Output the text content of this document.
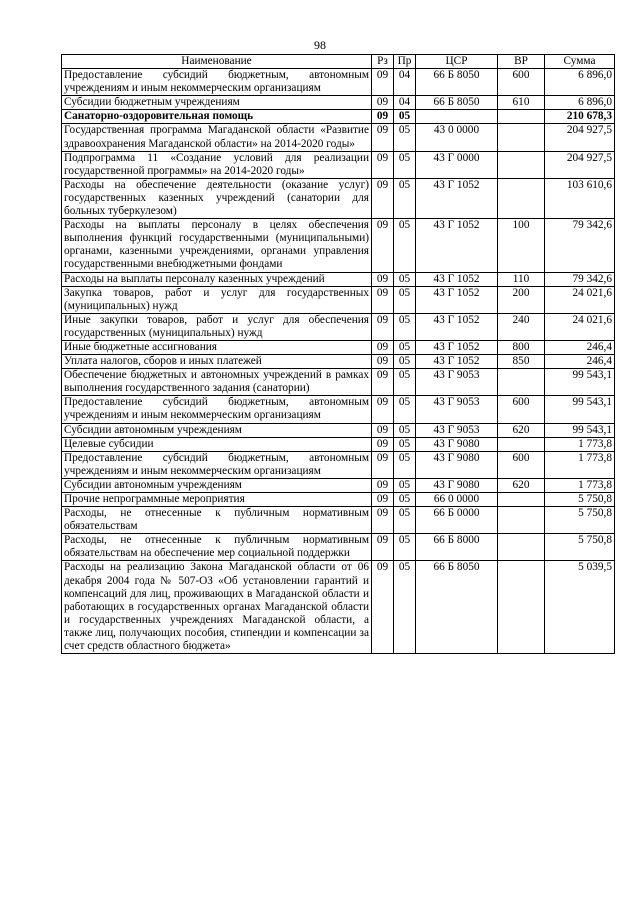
98
Наименование	Рз	Пр	ЦСР	ВР	Сумма
Предоставление субсидий бюджетным, автономным учреждениям и иным некоммерческим организациям	09	04	66 Б 8050	600	6 896,0
Субсидии бюджетным учреждениям	09	04	66 Б 8050	610	6 896,0
Санаторно-оздоровительная помощь	09	05			210 678,3
Государственная программа Магаданской области «Развитие здравоохранения Магаданской области» на 2014-2020 годы»	09	05	43 0 0000		204 927,5
Подпрограмма 11 «Создание условий для реализации государственной программы» на 2014-2020 годы»	09	05	43 Г 0000		204 927,5
Расходы на обеспечение деятельности (оказание услуг) государственных казенных учреждений (санатории для больных туберкулезом)	09	05	43 Г 1052		103 610,6
Расходы на выплаты персоналу в целях обеспечения выполнения функций государственными (муниципальными) органами, казенными учреждениями, органами управления государственными внебюджетными фондами	09	05	43 Г 1052	100	79 342,6
Расходы на выплаты персоналу казенных учреждений	09	05	43 Г 1052	110	79 342,6
Закупка товаров, работ и услуг для государственных (муниципальных) нужд	09	05	43 Г 1052	200	24 021,6
Иные закупки товаров, работ и услуг для обеспечения государственных (муниципальных) нужд	09	05	43 Г 1052	240	24 021,6
Иные бюджетные ассигнования	09	05	43 Г 1052	800	246,4
Уплата налогов, сборов и иных платежей	09	05	43 Г 1052	850	246,4
Обеспечение бюджетных и автономных учреждений в рамках выполнения государственного задания (санатории)	09	05	43 Г 9053		99 543,1
Предоставление субсидий бюджетным, автономным учреждениям и иным некоммерческим организациям	09	05	43 Г 9053	600	99 543,1
Субсидии автономным учреждениям	09	05	43 Г 9053	620	99 543,1
Целевые субсидии	09	05	43 Г 9080		1 773,8
Предоставление субсидий бюджетным, автономным учреждениям и иным некоммерческим организациям	09	05	43 Г 9080	600	1 773,8
Субсидии автономным учреждениям	09	05	43 Г 9080	620	1 773,8
Прочие непрограммные мероприятия	09	05	66 0 0000		5 750,8
Расходы, не отнесенные к публичным нормативным обязательствам	09	05	66 Б 0000		5 750,8
Расходы, не отнесенные к публичным нормативным обязательствам на обеспечение мер социальной поддержки	09	05	66 Б 8000		5 750,8
Расходы на реализацию Закона Магаданской области от 06 декабря 2004 года № 507-ОЗ «Об установлении гарантий и компенсаций для лиц, проживающих в Магаданской области и работающих в государственных органах Магаданской области и государственных учреждениях Магаданской области, а также лиц, получающих пособия, стипендии и компенсации за счет средств областного бюджета»	09	05	66 Б 8050		5 039,5
